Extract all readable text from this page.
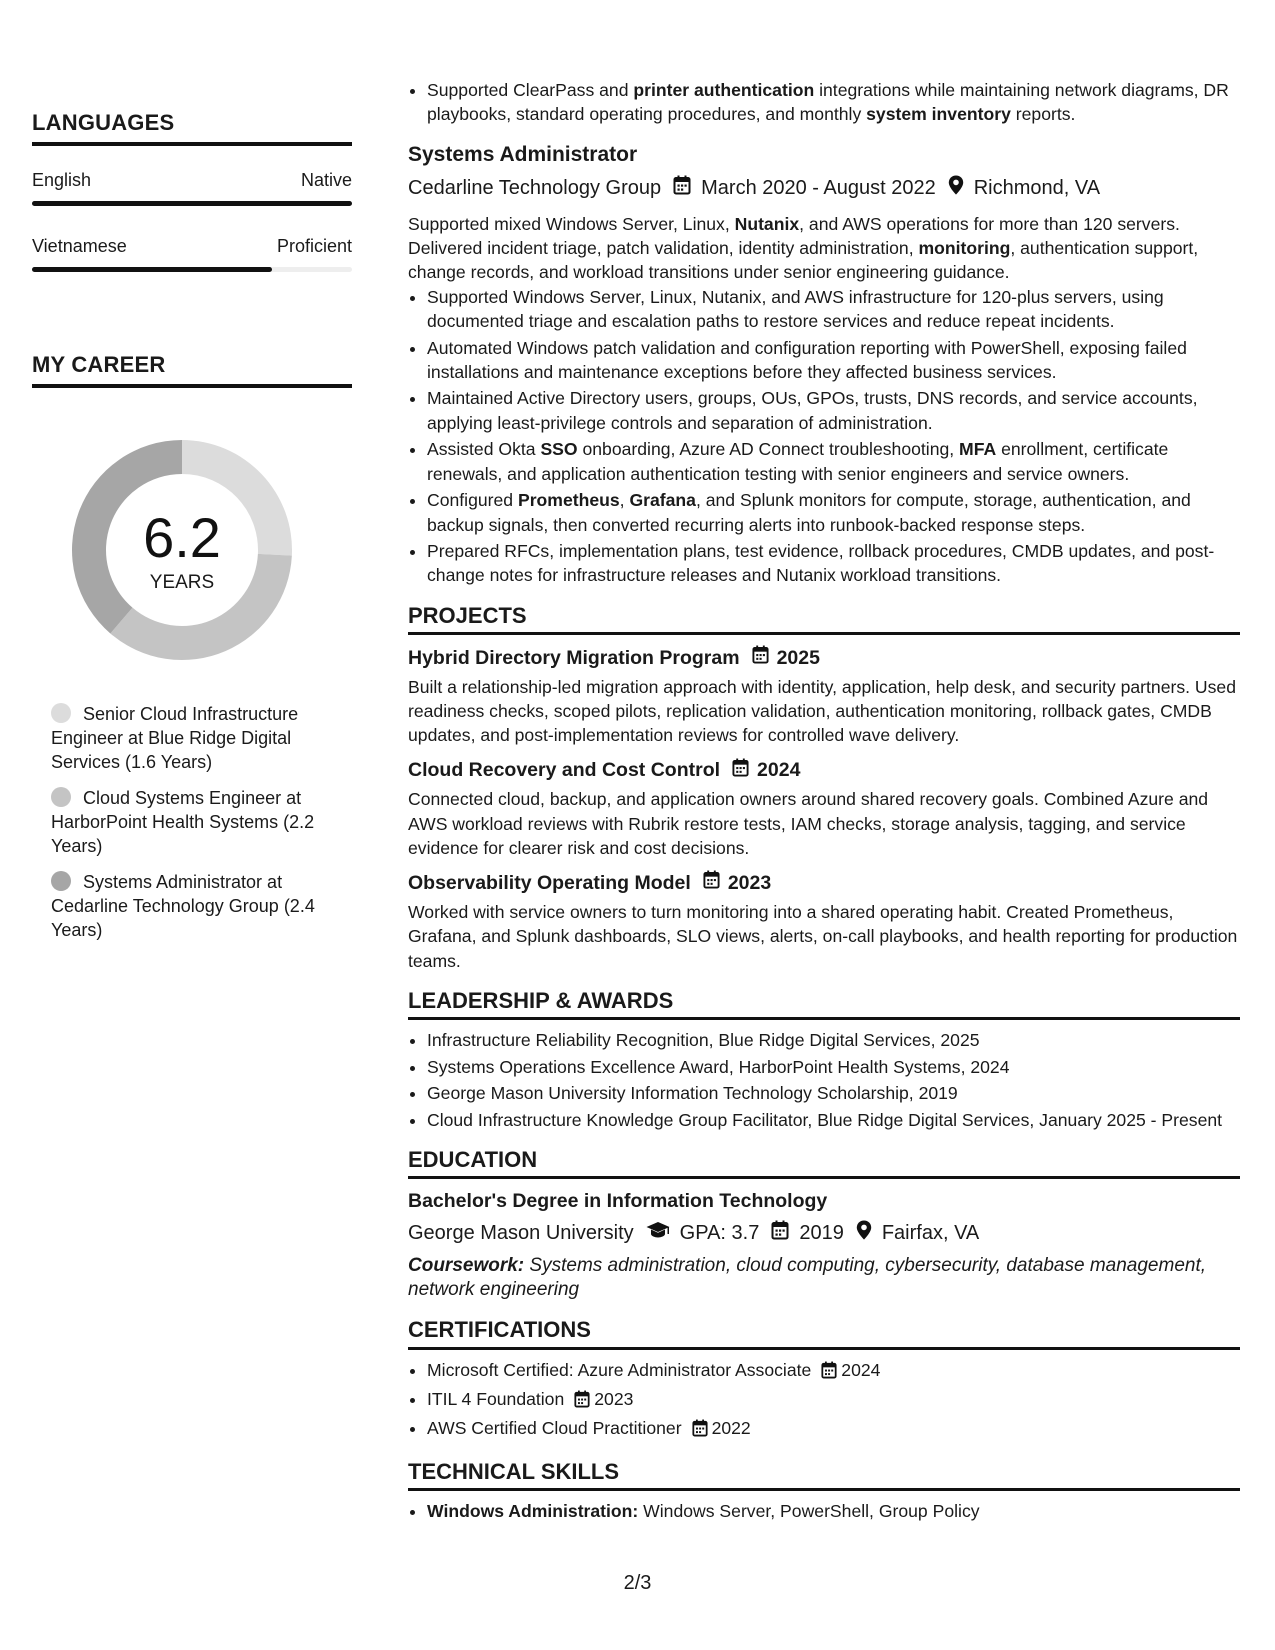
LANGUAGES
English	Native
Vietnamese	Proficient
MY CAREER
6.2
YEARS
Senior Cloud Infrastructure Engineer at Blue Ridge Digital Services (1.6 Years)
Cloud Systems Engineer at HarborPoint Health Systems (2.2 Years)
Systems Administrator at Cedarline Technology Group (2.4 Years)
• Supported ClearPass and printer authentication integrations while maintaining network diagrams, DR playbooks, standard operating procedures, and monthly system inventory reports.
Systems Administrator
Cedarline Technology Group March 2020 - August 2022 Richmond, VA
Supported mixed Windows Server, Linux, Nutanix, and AWS operations for more than 120 servers. Delivered incident triage, patch validation, identity administration, monitoring, authentication support, change records, and workload transitions under senior engineering guidance.
• Supported Windows Server, Linux, Nutanix, and AWS infrastructure for 120-plus servers, using documented triage and escalation paths to restore services and reduce repeat incidents.
• Automated Windows patch validation and configuration reporting with PowerShell, exposing failed installations and maintenance exceptions before they affected business services.
• Maintained Active Directory users, groups, OUs, GPOs, trusts, DNS records, and service accounts, applying least-privilege controls and separation of administration.
• Assisted Okta SSO onboarding, Azure AD Connect troubleshooting, MFA enrollment, certificate renewals, and application authentication testing with senior engineers and service owners.
• Configured Prometheus, Grafana, and Splunk monitors for compute, storage, authentication, and backup signals, then converted recurring alerts into runbook-backed response steps.
• Prepared RFCs, implementation plans, test evidence, rollback procedures, CMDB updates, and post-change notes for infrastructure releases and Nutanix workload transitions.
PROJECTS
Hybrid Directory Migration Program 2025
Built a relationship-led migration approach with identity, application, help desk, and security partners. Used readiness checks, scoped pilots, replication validation, authentication monitoring, rollback gates, CMDB updates, and post-implementation reviews for controlled wave delivery.
Cloud Recovery and Cost Control 2024
Connected cloud, backup, and application owners around shared recovery goals. Combined Azure and AWS workload reviews with Rubrik restore tests, IAM checks, storage analysis, tagging, and service evidence for clearer risk and cost decisions.
Observability Operating Model 2023
Worked with service owners to turn monitoring into a shared operating habit. Created Prometheus, Grafana, and Splunk dashboards, SLO views, alerts, on-call playbooks, and health reporting for production teams.
LEADERSHIP & AWARDS
• Infrastructure Reliability Recognition, Blue Ridge Digital Services, 2025
• Systems Operations Excellence Award, HarborPoint Health Systems, 2024
• George Mason University Information Technology Scholarship, 2019
• Cloud Infrastructure Knowledge Group Facilitator, Blue Ridge Digital Services, January 2025 - Present
EDUCATION
Bachelor's Degree in Information Technology
George Mason University GPA: 3.7 2019 Fairfax, VA
Coursework: Systems administration, cloud computing, cybersecurity, database management, network engineering
CERTIFICATIONS
• Microsoft Certified: Azure Administrator Associate 2024
• ITIL 4 Foundation 2023
• AWS Certified Cloud Practitioner 2022
TECHNICAL SKILLS
• Windows Administration: Windows Server, PowerShell, Group Policy
2/3
